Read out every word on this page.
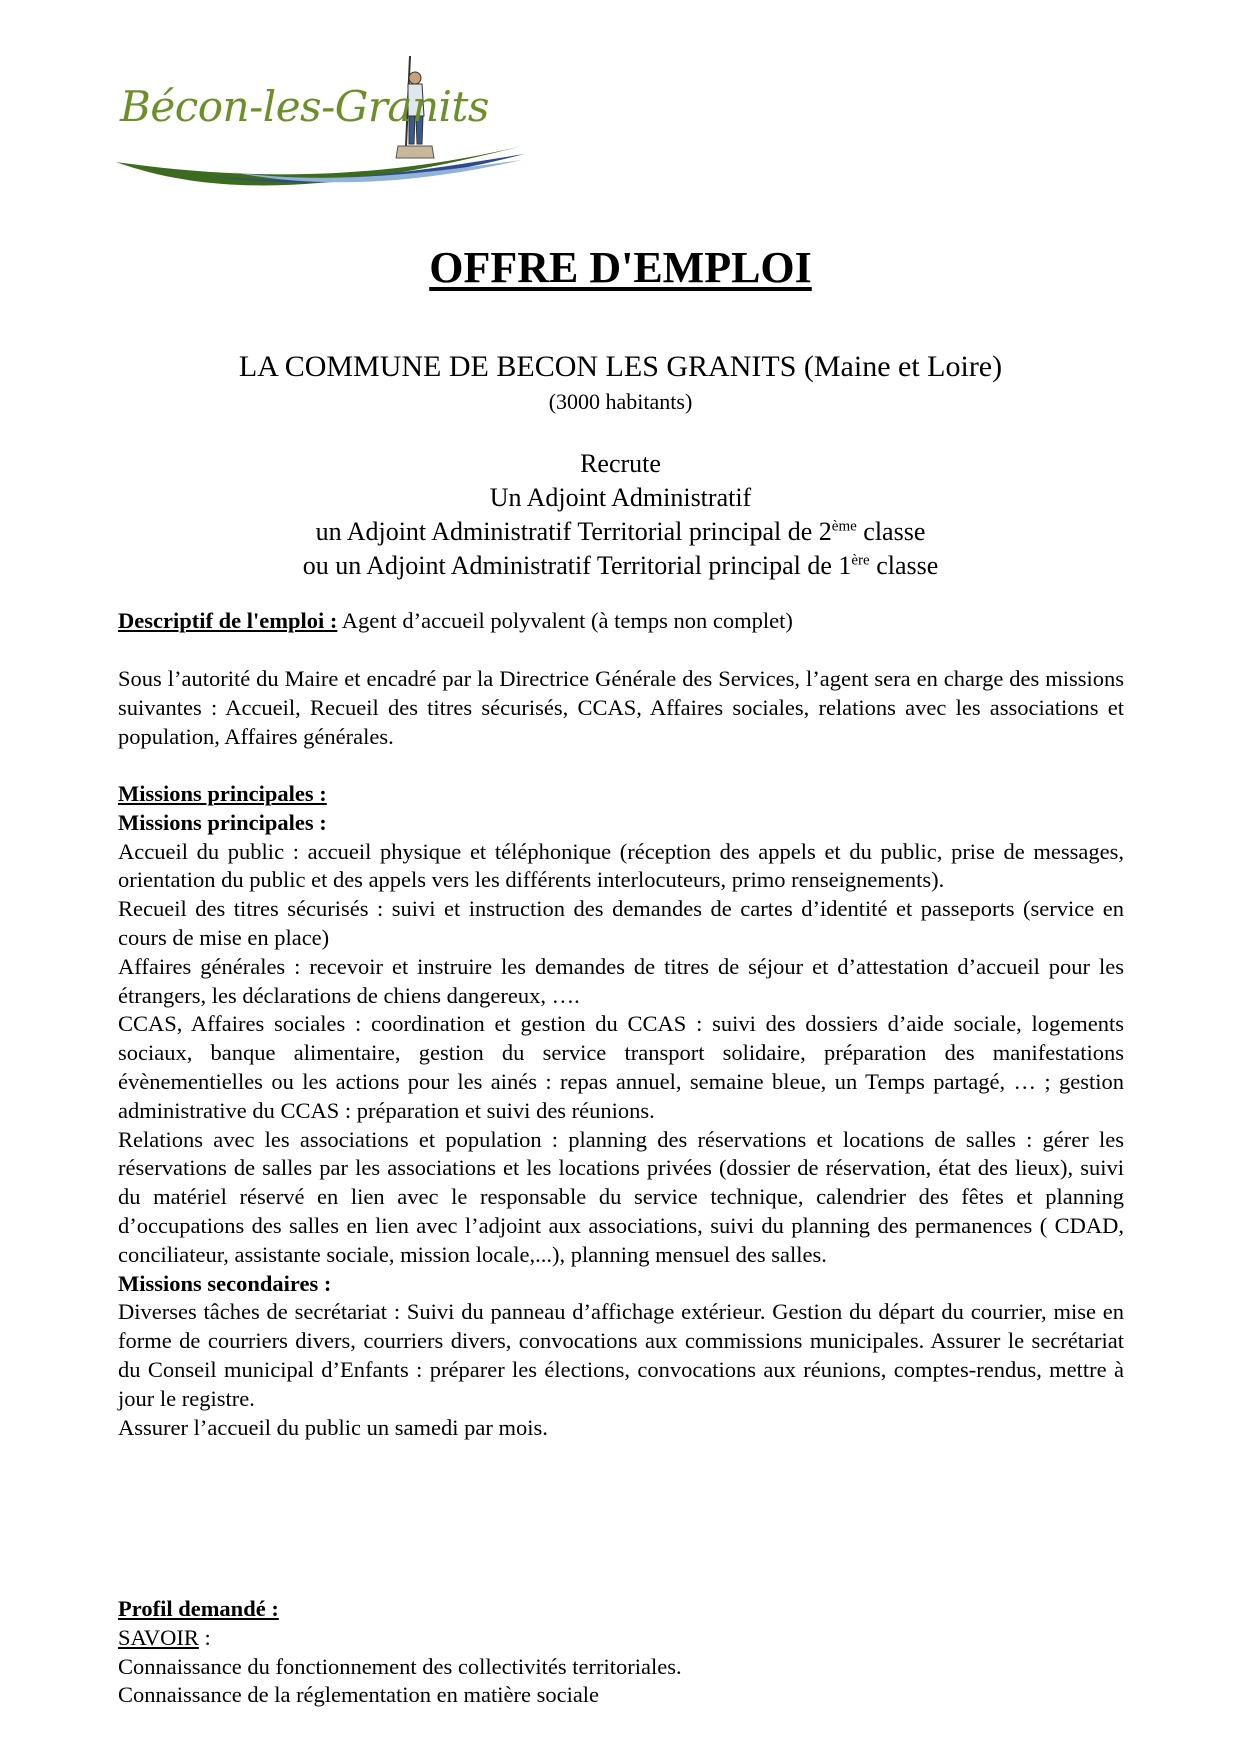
Bécon-les-Granits
OFFRE D'EMPLOI
LA COMMUNE DE BECON LES GRANITS (Maine et Loire)
(3000 habitants)
Recrute
Un Adjoint Administratif
un Adjoint Administratif Territorial principal de 2ème classe
ou un Adjoint Administratif Territorial principal de 1ère classe

Descriptif de l'emploi : Agent d’accueil polyvalent (à temps non complet)

Sous l’autorité du Maire et encadré par la Directrice Générale des Services, l’agent sera en charge des missions suivantes : Accueil, Recueil des titres sécurisés, CCAS, Affaires sociales, relations avec les associations et population, Affaires générales.

Missions principales :

Missions principales :

Accueil du public : accueil physique et téléphonique (réception des appels et du public, prise de messages, orientation du public et des appels vers les différents interlocuteurs, primo renseignements).

Recueil des titres sécurisés : suivi et instruction des demandes de cartes d’identité et passeports (service en cours de mise en place)

Affaires générales : recevoir et instruire les demandes de titres de séjour et d’attestation d’accueil pour les étrangers, les déclarations de chiens dangereux, ….

CCAS, Affaires sociales : coordination et gestion du CCAS : suivi des dossiers d’aide sociale, logements sociaux, banque alimentaire, gestion du service transport solidaire, préparation des manifestations évènementielles ou les actions pour les ainés : repas annuel, semaine bleue, un Temps partagé, … ; gestion administrative du CCAS : préparation et suivi des réunions.

Relations avec les associations et population : planning des réservations et locations de salles : gérer les réservations de salles par les associations et les locations privées (dossier de réservation, état des lieux), suivi du matériel réservé en lien avec le responsable du service technique, calendrier des fêtes et planning d’occupations des salles en lien avec l’adjoint aux associations, suivi du planning des permanences ( CDAD, conciliateur, assistante sociale, mission locale,...), planning mensuel des salles.

Missions secondaires :

Diverses tâches de secrétariat : Suivi du panneau d’affichage extérieur. Gestion du départ du courrier, mise en forme de courriers divers, courriers divers, convocations aux commissions municipales. Assurer le secrétariat du Conseil municipal d’Enfants : préparer les élections, convocations aux réunions, comptes-rendus, mettre à jour le registre.

Assurer l’accueil du public un samedi par mois.

Profil demandé :

SAVOIR :

Connaissance du fonctionnement des collectivités territoriales.

Connaissance de la réglementation en matière sociale
